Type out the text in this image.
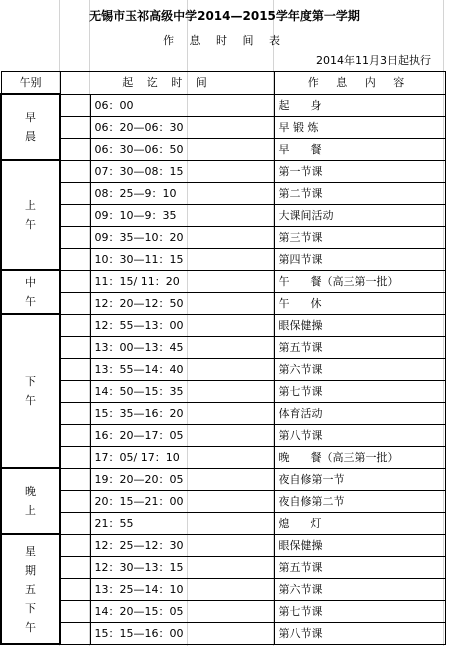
无锡市玉祁高级中学2014—2015学年度第一学期
作 息 时 间 表
2014年11月3日起执行
午别	起 讫 时 间		作 息 内 容

早晨		06：00	起      身
		06：20—06：30	早 锻 炼
		06：30—06：50	早      餐

上午		07：30—08：15	第一节课
		08：25—9：10	第二节课
		09：10—9：35	大课间活动
		09：35—10：20	第三节课
		10：30—11：15	第四节课

中午		11：15/ 11：20	午      餐（高三第一批）
		12：20—12：50	午      休

下午		12：55—13：00	眼保健操
		13：00—13：45	第五节课
		13：55—14：40	第六节课
		14：50—15：35	第七节课
		15：35—16：20	体育活动
		16：20—17：05	第八节课
		17：05/ 17：10	晚      餐（高三第一批）

晚上		19：20—20：05	夜自修第一节
		20：15—21：00	夜自修第二节
		21：55	熄      灯

星期五下午		12：25—12：30	眼保健操
		12：30—13：15	第五节课
		13：25—14：10	第六节课
		14：20—15：05	第七节课
		15：15—16：00	第八节课
